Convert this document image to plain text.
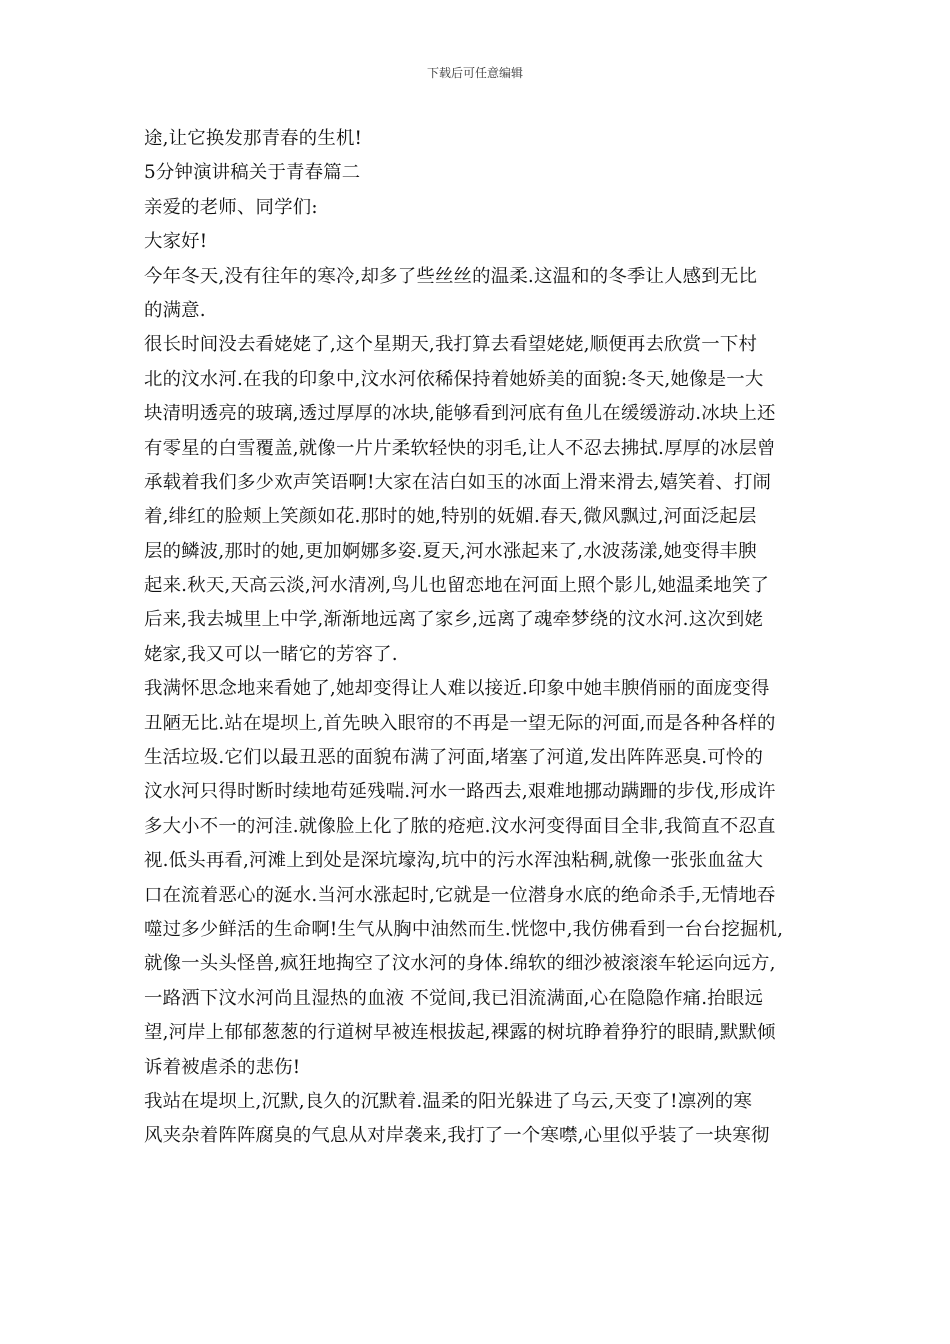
下载后可任意编辑
途,让它换发那青春的生机!
5分钟演讲稿关于青春篇二
亲爱的老师、同学们:
大家好!
今年冬天,没有往年的寒冷,却多了些丝丝的温柔.这温和的冬季让人感到无比
的满意.
很长时间没去看姥姥了,这个星期天,我打算去看望姥姥,顺便再去欣赏一下村
北的汶水河.在我的印象中,汶水河依稀保持着她娇美的面貌:冬天,她像是一大
块清明透亮的玻璃,透过厚厚的冰块,能够看到河底有鱼儿在缓缓游动.冰块上还
有零星的白雪覆盖,就像一片片柔软轻快的羽毛,让人不忍去拂拭.厚厚的冰层曾
承载着我们多少欢声笑语啊!大家在洁白如玉的冰面上滑来滑去,嬉笑着、打闹
着,绯红的脸颊上笑颜如花.那时的她,特别的妩媚.春天,微风飘过,河面泛起层
层的鳞波,那时的她,更加婀娜多姿.夏天,河水涨起来了,水波荡漾,她变得丰腴
起来.秋天,天高云淡,河水清冽,鸟儿也留恋地在河面上照个影儿,她温柔地笑了
后来,我去城里上中学,渐渐地远离了家乡,远离了魂牵梦绕的汶水河.这次到姥
姥家,我又可以一睹它的芳容了.
我满怀思念地来看她了,她却变得让人难以接近.印象中她丰腴俏丽的面庞变得
丑陋无比.站在堤坝上,首先映入眼帘的不再是一望无际的河面,而是各种各样的
生活垃圾.它们以最丑恶的面貌布满了河面,堵塞了河道,发出阵阵恶臭.可怜的
汶水河只得时断时续地苟延残喘.河水一路西去,艰难地挪动蹒跚的步伐,形成许
多大小不一的河洼.就像脸上化了脓的疮疤.汶水河变得面目全非,我简直不忍直
视.低头再看,河滩上到处是深坑壕沟,坑中的污水浑浊粘稠,就像一张张血盆大
口在流着恶心的涎水.当河水涨起时,它就是一位潜身水底的绝命杀手,无情地吞
噬过多少鲜活的生命啊!生气从胸中油然而生.恍惚中,我仿佛看到一台台挖掘机,
就像一头头怪兽,疯狂地掏空了汶水河的身体.绵软的细沙被滚滚车轮运向远方,
一路洒下汶水河尚且湿热的血液 不觉间,我已泪流满面,心在隐隐作痛.抬眼远
望,河岸上郁郁葱葱的行道树早被连根拔起,裸露的树坑睁着狰狞的眼睛,默默倾
诉着被虐杀的悲伤!
我站在堤坝上,沉默,良久的沉默着.温柔的阳光躲进了乌云,天变了!凛冽的寒
风夹杂着阵阵腐臭的气息从对岸袭来,我打了一个寒噤,心里似乎装了一块寒彻
